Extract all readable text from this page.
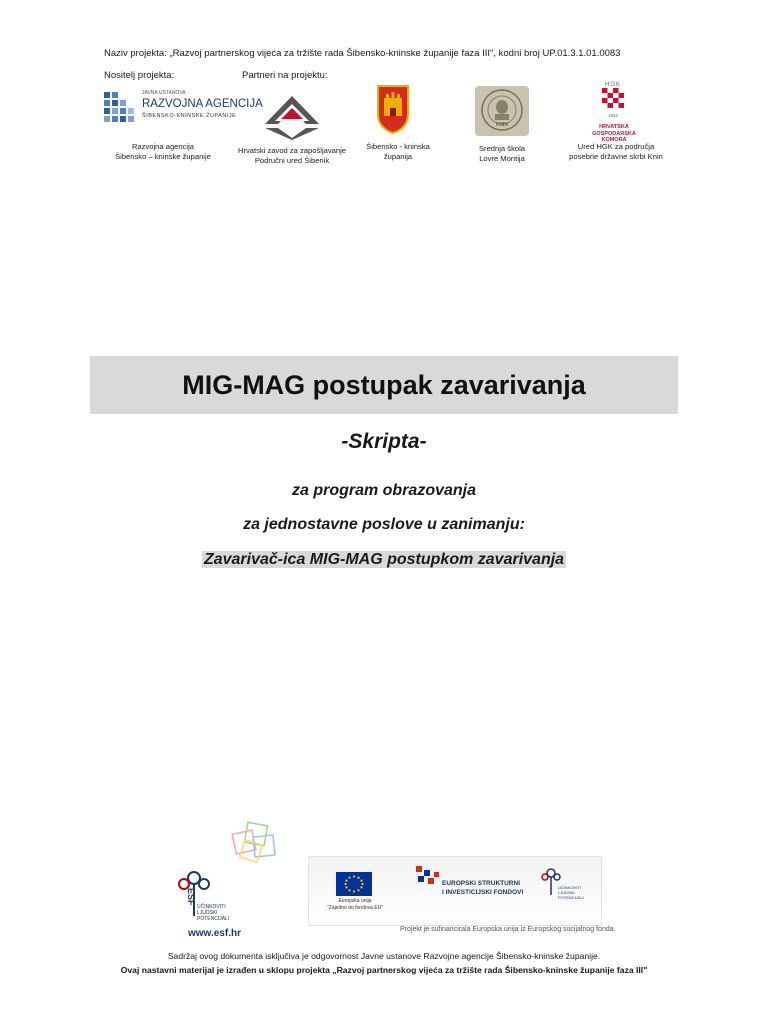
Naziv projekta: „Razvoj partnerskog vijeća za tržište rada Šibensko-kninske županije faza III", kodni broj UP.01.3.1.01.0083
Nositelj projekta:	Partneri na projektu:
JAVNA USTANOVA
RAZVOJNA AGENCIJA
ŠIBENSKO-KNINSKE ŽUPANIJE
Razvojna agencija
Šibensko – kninske županije
Hrvatski zavod za zapošljavanje
Područni ured Šibenik
Šibensko - kninska
županija
KNIN
Srednja škola
Lovre Montija
HGK
1852
HRVATSKA
GOSPODARSKA
KOMORA
Ured HGK za područja
posebne državne skrbi Knin
MIG-MAG postupak zavarivanja
-Skripta-
za program obrazovanja
za jednostavne poslove u zanimanju:
Zavarivač-ica MIG-MAG postupkom zavarivanja
ESF
UČINKOVITI
LJUDSKI
POTENCIJALI
www.esf.hr
Europska unija
"Zajedno do fondova EU"
EUROPSKI STRUKTURNI
I INVESTICIJSKI FONDOVI
UČINKOVITI
LJUDSKI
POTENCIJALI
Projekt je sufinancirala Europska unija iz Europskog socijalnog fonda.
Sadržaj ovog dokumenta isključiva je odgovornost Javne ustanove Razvojne agencije Šibensko-kninske županije.
Ovaj nastavni materijal je izrađen u sklopu projekta „Razvoj partnerskog vijeća za tržište rada Šibensko-kninske županije faza III"
